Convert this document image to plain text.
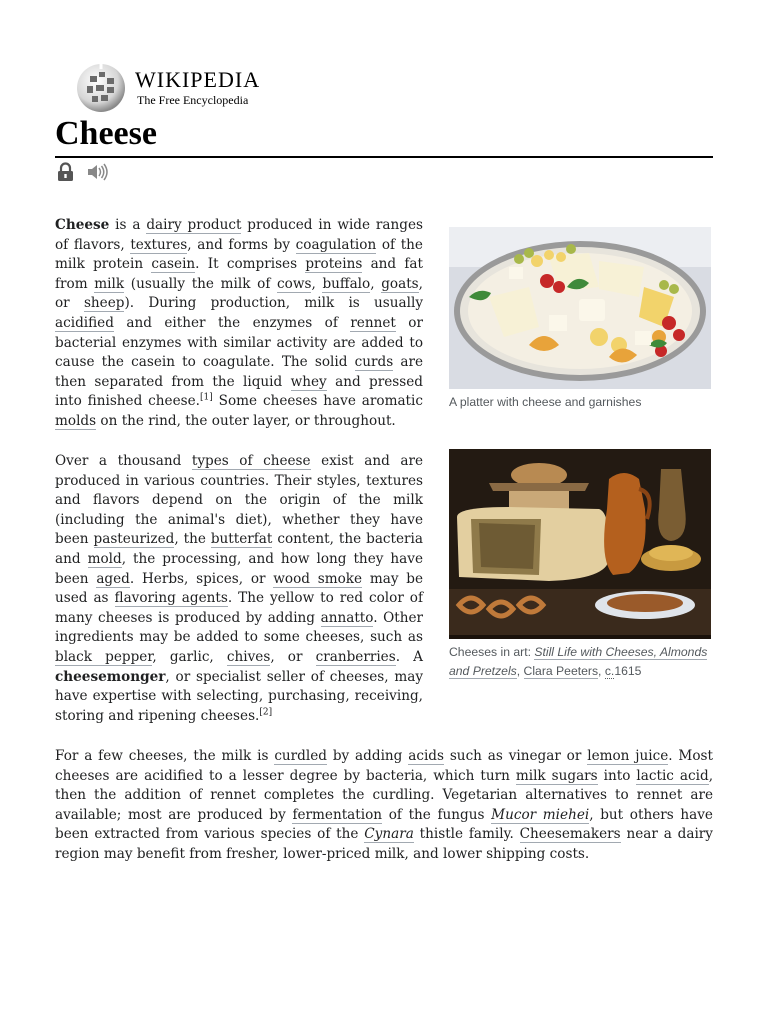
WIKIPEDIA
The Free Encyclopedia
Cheese

Cheese is a dairy product produced in wide ranges of flavors, textures, and forms by coagulation of the milk protein casein. It comprises proteins and fat from milk (usually the milk of cows, buffalo, goats, or sheep). During production, milk is usually acidified and either the enzymes of rennet or bacterial enzymes with similar activity are added to cause the casein to coagulate. The solid curds are then separated from the liquid whey and pressed into finished cheese.[1] Some cheeses have aromatic molds on the rind, the outer layer, or throughout.

Over a thousand types of cheese exist and are produced in various countries. Their styles, textures and flavors depend on the origin of the milk (including the animal's diet), whether they have been pasteurized, the butterfat content, the bacteria and mold, the processing, and how long they have been aged. Herbs, spices, or wood smoke may be used as flavoring agents. The yellow to red color of many cheeses is produced by adding annatto. Other ingredients may be added to some cheeses, such as black pepper, garlic, chives, or cranberries. A cheesemonger, or specialist seller of cheeses, may have expertise with selecting, purchasing, receiving, storing and ripening cheeses.[2]

For a few cheeses, the milk is curdled by adding acids such as vinegar or lemon juice. Most cheeses are acidified to a lesser degree by bacteria, which turn milk sugars into lactic acid, then the addition of rennet completes the curdling. Vegetarian alternatives to rennet are available; most are produced by fermentation of the fungus Mucor miehei, but others have been extracted from various species of the Cynara thistle family. Cheesemakers near a dairy region may benefit from fresher, lower-priced milk, and lower shipping costs.

A platter with cheese and garnishes
Cheeses in art: Still Life with Cheeses, Almonds and Pretzels, Clara Peeters, c.1615
